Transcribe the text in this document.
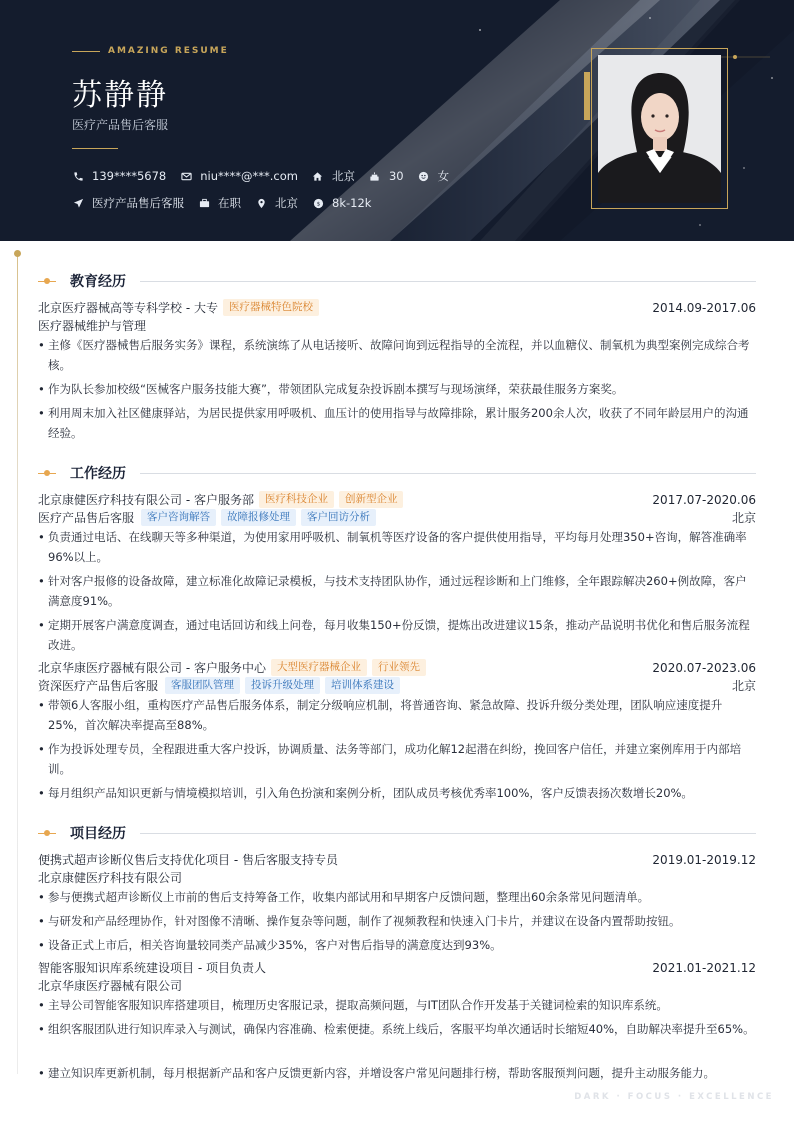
AMAZING RESUME
苏静静
医疗产品售后客服
139****5678	niu****@***.com	北京	30	女
医疗产品售后客服	在职	北京 $ 8k-12k
教育经历
北京医疗器械高等专科学校 - 大专	医疗器械特色院校	2014.09-2017.06
医疗器械维护与管理
• 主修《医疗器械售后服务实务》课程，系统演练了从电话接听、故障问询到远程指导的全流程，并以血糖仪、制氧机为典型案例完成综合考核。
• 作为队长参加校级“医械客户服务技能大赛”，带领团队完成复杂投诉剧本撰写与现场演绎，荣获最佳服务方案奖。
• 利用周末加入社区健康驿站，为居民提供家用呼吸机、血压计的使用指导与故障排除，累计服务200余人次，收获了不同年龄层用户的沟通经验。
工作经历
北京康健医疗科技有限公司 - 客户服务部	医疗科技企业	创新型企业	2017.07-2020.06
医疗产品售后客服	客户咨询解答	故障报修处理	客户回访分析	北京
• 负责通过电话、在线聊天等多种渠道，为使用家用呼吸机、制氧机等医疗设备的客户提供使用指导，平均每月处理350+咨询，解答准确率96%以上。
• 针对客户报修的设备故障，建立标准化故障记录模板，与技术支持团队协作，通过远程诊断和上门维修，全年跟踪解决260+例故障，客户满意度91%。
• 定期开展客户满意度调查，通过电话回访和线上问卷，每月收集150+份反馈，提炼出改进建议15条，推动产品说明书优化和售后服务流程改进。
北京华康医疗器械有限公司 - 客户服务中心	大型医疗器械企业	行业领先	2020.07-2023.06
资深医疗产品售后客服	客服团队管理	投诉升级处理	培训体系建设	北京
• 带领6人客服小组，重构医疗产品售后服务体系，制定分级响应机制，将普通咨询、紧急故障、投诉升级分类处理，团队响应速度提升25%，首次解决率提高至88%。
• 作为投诉处理专员，全程跟进重大客户投诉，协调质量、法务等部门，成功化解12起潜在纠纷，挽回客户信任，并建立案例库用于内部培训。
• 每月组织产品知识更新与情境模拟培训，引入角色扮演和案例分析，团队成员考核优秀率100%，客户反馈表扬次数增长20%。
项目经历
便携式超声诊断仪售后支持优化项目 - 售后客服支持专员	2019.01-2019.12
北京康健医疗科技有限公司
• 参与便携式超声诊断仪上市前的售后支持筹备工作，收集内部试用和早期客户反馈问题，整理出60余条常见问题清单。
• 与研发和产品经理协作，针对图像不清晰、操作复杂等问题，制作了视频教程和快速入门卡片，并建议在设备内置帮助按钮。
• 设备正式上市后，相关咨询量较同类产品减少35%，客户对售后指导的满意度达到93%。
智能客服知识库系统建设项目 - 项目负责人	2021.01-2021.12
北京华康医疗器械有限公司
• 主导公司智能客服知识库搭建项目，梳理历史客服记录，提取高频问题，与IT团队合作开发基于关键词检索的知识库系统。
• 组织客服团队进行知识库录入与测试，确保内容准确、检索便捷。系统上线后，客服平均单次通话时长缩短40%，自助解决率提升至65%。
• 建立知识库更新机制，每月根据新产品和客户反馈更新内容，并增设客户常见问题排行榜，帮助客服预判问题，提升主动服务能力。
DARK · FOCUS · EXCELLENCE
